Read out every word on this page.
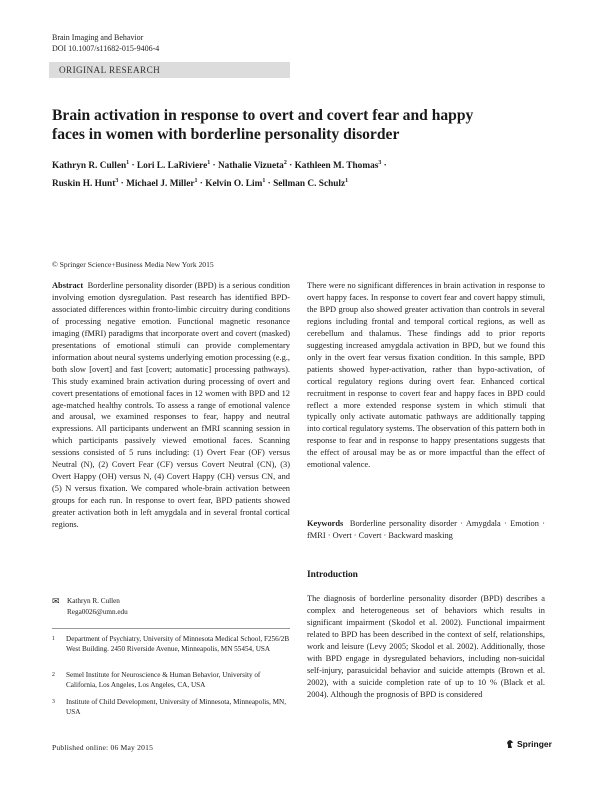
Brain Imaging and Behavior
DOI 10.1007/s11682-015-9406-4
ORIGINAL RESEARCH
Brain activation in response to overt and covert fear and happy
faces in women with borderline personality disorder
Kathryn R. Cullen$^1$ · Lori L. LaRiviere$^1$ · Nathalie Vizueta$^2$ · Kathleen M. Thomas$^3$ ·
Ruskin H. Hunt$^3$ · Michael J. Miller$^1$ · Kelvin O. Lim$^1$ · Sellman C. Schulz$^1$
© Springer Science+Business Media New York 2015

Abstract Borderline personality disorder (BPD) is a serious condition involving emotion dysregulation. Past research has identified BPD-associated differences within fronto-limbic circuitry during conditions of processing negative emotion. Functional magnetic resonance imaging (fMRI) paradigms that incorporate overt and covert (masked) presentations of emotional stimuli can provide complementary information about neural systems underlying emotion processing (e.g., both slow [overt] and fast [covert; automatic] processing pathways). This study examined brain activation during processing of overt and covert presentations of emotional faces in 12 women with BPD and 12 age-matched healthy controls. To assess a range of emotional valence and arousal, we examined responses to fear, happy and neutral expressions. All participants underwent an fMRI scanning session in which participants passively viewed emotional faces. Scanning sessions consisted of 5 runs including: (1) Overt Fear (OF) versus Neutral (N), (2) Covert Fear (CF) versus Covert Neutral (CN), (3) Overt Happy (OH) versus N, (4) Covert Happy (CH) versus CN, and (5) N versus fixation. We compared whole-brain activation between groups for each run. In response to overt fear, BPD patients showed greater activation both in left amygdala and in several frontal cortical regions.

There were no significant differences in brain activation in response to overt happy faces. In response to covert fear and covert happy stimuli, the BPD group also showed greater activation than controls in several regions including frontal and temporal cortical regions, as well as cerebellum and thalamus. These findings add to prior reports suggesting increased amygdala activation in BPD, but we found this only in the overt fear versus fixation condition. In this sample, BPD patients showed hyper-activation, rather than hypo-activation, of cortical regulatory regions during overt fear. Enhanced cortical recruitment in response to covert fear and happy faces in BPD could reflect a more extended response system in which stimuli that typically only activate automatic pathways are additionally tapping into cortical regulatory systems. The observation of this pattern both in response to fear and in response to happy presentations suggests that the effect of arousal may be as or more impactful than the effect of emotional valence.

Keywords Borderline personality disorder · Amygdala · Emotion · fMRI · Overt · Covert · Backward masking

Introduction

The diagnosis of borderline personality disorder (BPD) describes a complex and heterogeneous set of behaviors which results in significant impairment (Skodol et al. 2002). Functional impairment related to BPD has been described in the context of self, relationships, work and leisure (Levy 2005; Skodol et al. 2002). Additionally, those with BPD engage in dysregulated behaviors, including non-suicidal self-injury, parasuicidal behavior and suicide attempts (Brown et al. 2002), with a suicide completion rate of up to 10 % (Black et al. 2004). Although the prognosis of BPD is considered

✉ Kathryn R. Cullen
Rega0026@umn.edu
1 Department of Psychiatry, University of Minnesota Medical School, F256/2B West Building. 2450 Riverside Avenue, Minneapolis, MN 55454, USA
2 Semel Institute for Neuroscience & Human Behavior, University of California, Los Angeles, Los Angeles, CA, USA
3 Institute of Child Development, University of Minnesota, Minneapolis, MN, USA
Published online: 06 May 2015	Springer
